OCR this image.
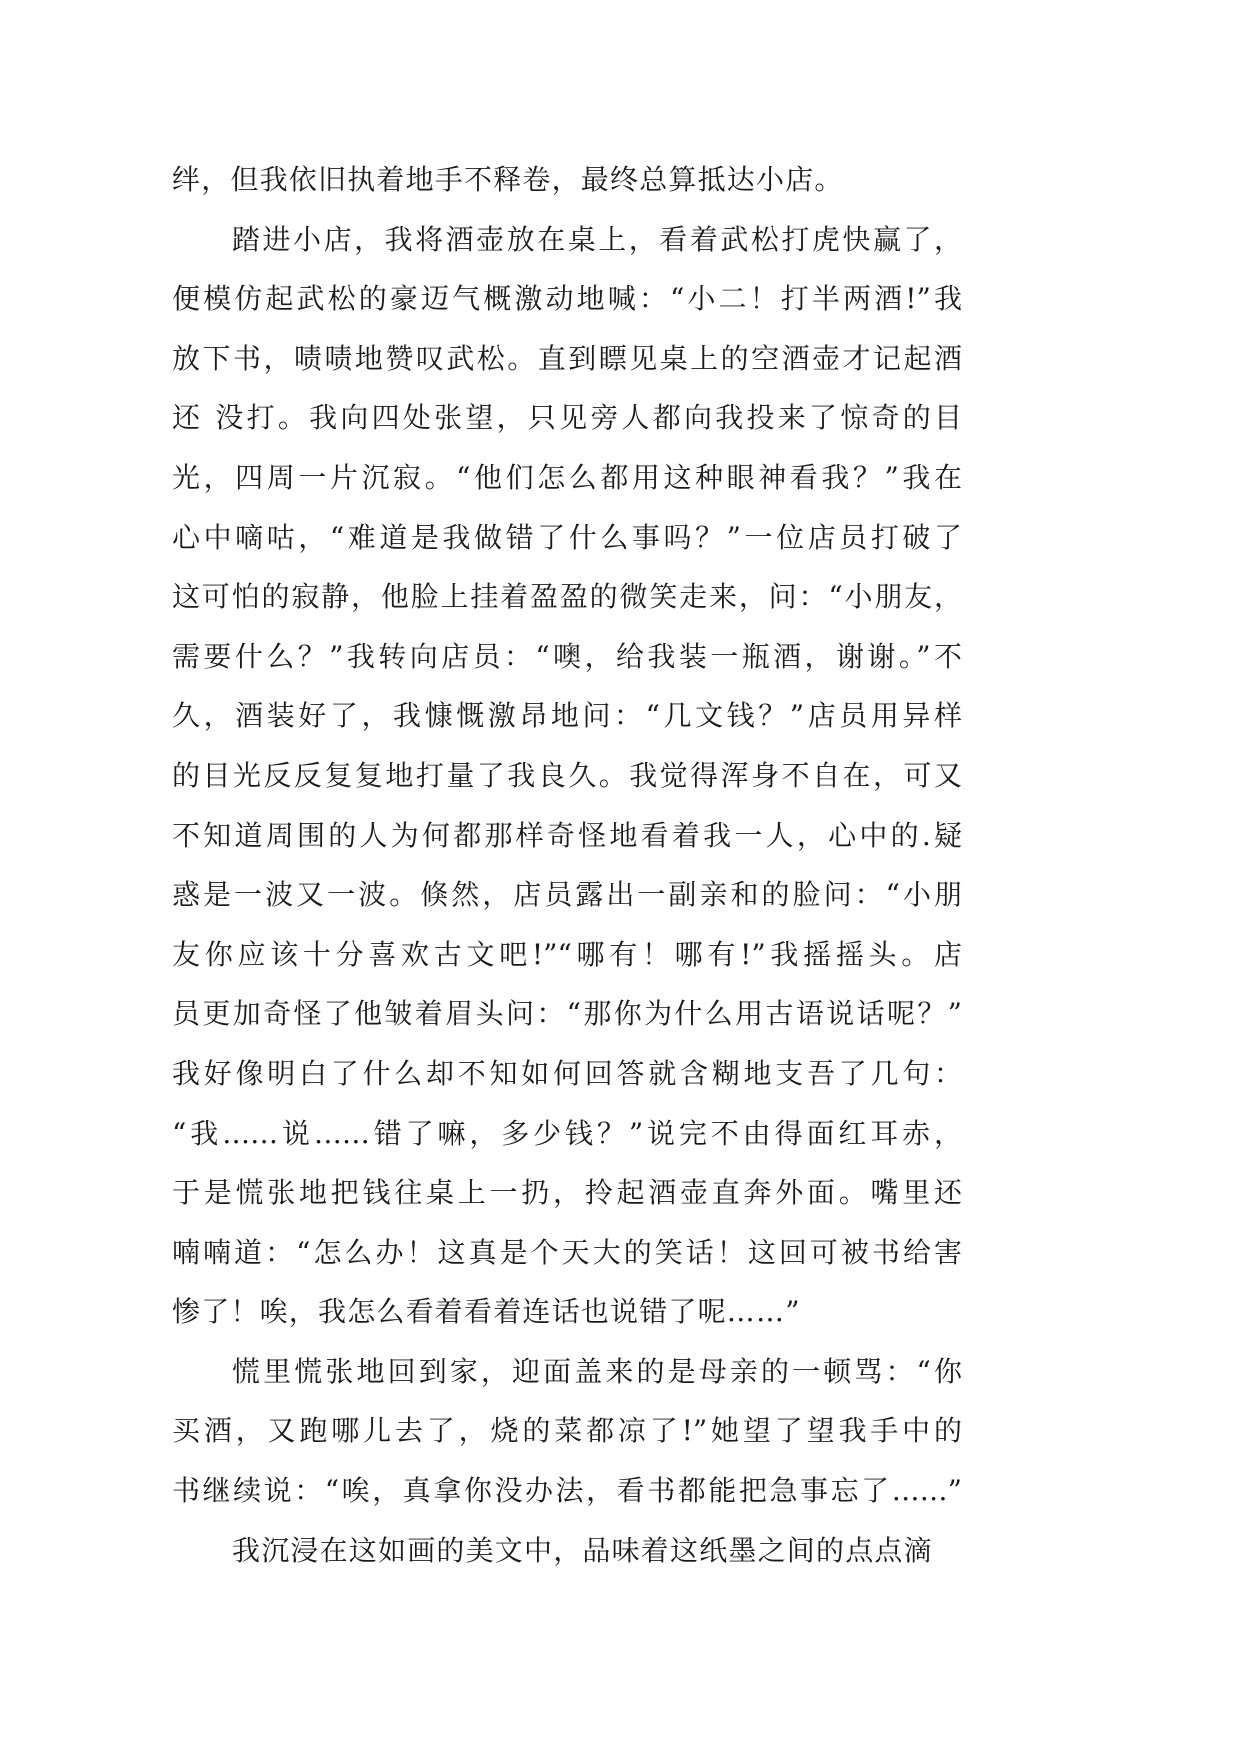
绊，但我依旧执着地手不释卷，最终总算抵达小店。
踏进小店，我将酒壶放在桌上，看着武松打虎快赢了，
便模仿起武松的豪迈气概激动地喊：“小二！打半两酒!”我
放下书，啧啧地赞叹武松。直到瞟见桌上的空酒壶才记起酒
还 没打。我向四处张望，只见旁人都向我投来了惊奇的目
光，四周一片沉寂。“他们怎么都用这种眼神看我？”我在
心中嘀咕，“难道是我做错了什么事吗？”一位店员打破了
这可怕的寂静，他脸上挂着盈盈的微笑走来，问：“小朋友，
需要什么？”我转向店员：“噢，给我装一瓶酒，谢谢。”不
久，酒装好了，我慷慨激昂地问：“几文钱？”店员用异样
的目光反反复复地打量了我良久。我觉得浑身不自在，可又
不知道周围的人为何都那样奇怪地看着我一人，心中的.疑
惑是一波又一波。倏然，店员露出一副亲和的脸问：“小朋
友你应该十分喜欢古文吧!”“哪有！哪有!”我摇摇头。店
员更加奇怪了他皱着眉头问：“那你为什么用古语说话呢？”
我好像明白了什么却不知如何回答就含糊地支吾了几句：
“我……说……错了嘛，多少钱？”说完不由得面红耳赤，
于是慌张地把钱往桌上一扔，拎起酒壶直奔外面。嘴里还
喃喃道：“怎么办！这真是个天大的笑话！这回可被书给害
惨了！唉，我怎么看着看着连话也说错了呢……”
慌里慌张地回到家，迎面盖来的是母亲的一顿骂：“你
买酒，又跑哪儿去了，烧的菜都凉了!”她望了望我手中的
书继续说：“唉，真拿你没办法，看书都能把急事忘了……”
我沉浸在这如画的美文中，品味着这纸墨之间的点点滴
